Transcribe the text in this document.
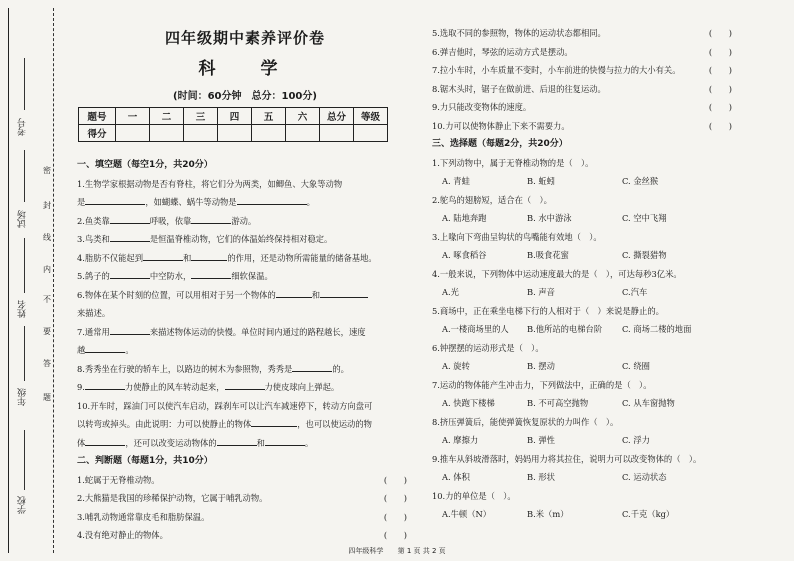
考号
试场
姓名
年级
学校
密
封
线
内
不
要
答
题
四年级期中素养评价卷
科　学
(时间：60分钟　总分：100分)
题号	一	二	三	四	五	六	总分	等级
得分								
一、填空题（每空1分，共20分）
1.生物学家根据动物是否有脊柱，将它们分为两类，如鲫鱼、大象等动物
是	，如蝴蝶、蜗牛等动物是	。
2.鱼类靠	呼吸，依靠	游动。
3.鸟类和	是恒温脊椎动物，它们的体温始终保持相对稳定。
4.脂肪不仅能起到	和	的作用，还是动物所需能量的储备基地。
5.鸽子的	中空防水，	细软保温。
6.物体在某个时刻的位置，可以用相对于另一个物体的	和
来描述。
7.通常用	来描述物体运动的快慢。单位时间内通过的路程越长，速度
越	。
8.秀秀坐在行驶的轿车上，以路边的树木为参照物，秀秀是	的。
9.	力使静止的风车转动起来，	力使皮球向上弹起。
10.开车时，踩油门可以使汽车启动，踩刹车可以让汽车减速停下，转动方向盘可
以转弯或掉头。由此说明：力可以使静止的物体	，也可以使运动的物
体	，还可以改变运动物体的	和	。
二、判断题（每题1分，共10分）
1.蛇属于无脊椎动物。	(　　)
2.大熊猫是我国的珍稀保护动物，它属于哺乳动物。	(　　)
3.哺乳动物通常靠皮毛和脂肪保温。	(　　)
4.没有绝对静止的物体。	(　　)
5.选取不同的参照物，物体的运动状态都相同。	(　　)
6.弹吉他时，琴弦的运动方式是摆动。	(　　)
7.拉小车时，小车质量不变时，小车前进的快慢与拉力的大小有关。	(　　)
8.锯木头时，锯子在做前进、后退的往复运动。	(　　)
9.力只能改变物体的速度。	(　　)
10.力可以使物体静止下来不需要力。	(　　)
三、选择题（每题2分，共20分）
1.下列动物中，属于无脊椎动物的是（　）。
A. 青蛙	B. 蚯蚓	C. 金丝猴
2.鸵鸟的翅膀短，适合在（　）。
A. 陆地奔跑	B. 水中游泳	C. 空中飞翔
3.上喙向下弯曲呈钩状的鸟嘴能有效地（　）。
A. 啄食稻谷	B.吸食花蜜	C. 撕裂猎物
4.一般来说，下列物体中运动速度最大的是（　），可达每秒3亿米。
A.光	B. 声音	C.汽车
5.商场中，正在乘坐电梯下行的人相对于（　）来说是静止的。
A.一楼商场里的人 B.他所站的电梯台阶 C. 商场二楼的地面
6.钟摆摆的运动形式是（　）。
A. 旋转	B. 摆动	C. 绕圈
7.运动的物体能产生冲击力，下列做法中，正确的是（　）。
A. 快跑下楼梯	B. 不可高空抛物	C. 从车窗抛物
8.挤压弹簧后，能使弹簧恢复原状的力叫作（　）。
A. 摩擦力	B. 弹性	C. 浮力
9.推车从斜坡滑落时，妈妈用力将其拉住，说明力可以改变物体的（　）。
A. 体积	B. 形状	C. 运动状态
10.力的单位是（　）。
A.牛顿（N）	B.米（m）	C.千克（kg）
四年级科学 第 1 页 共 2 页
